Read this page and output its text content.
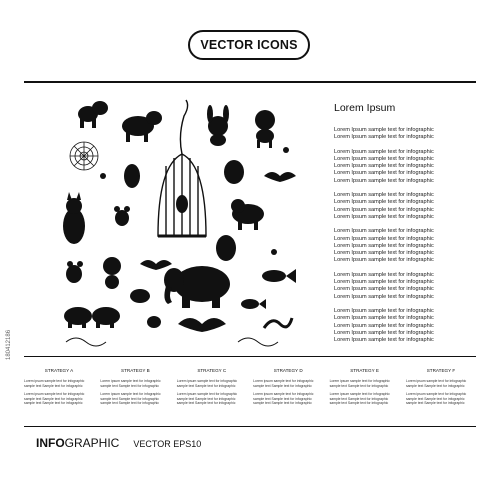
VECTOR ICONS
Lorem Ipsum
Lorem Ipsum sample text for infographic
Lorem Ipsum sample text for infographic
Lorem Ipsum sample text for infographic
Lorem Ipsum sample text for infographic
Lorem Ipsum sample text for infographic
Lorem Ipsum sample text for infographic
Lorem Ipsum sample text for infographic
Lorem Ipsum sample text for infographic
Lorem Ipsum sample text for infographic
Lorem Ipsum sample text for infographic
Lorem Ipsum sample text for infographic
Lorem Ipsum sample text for infographic
Lorem Ipsum sample text for infographic
Lorem Ipsum sample text for infographic
Lorem Ipsum sample text for infographic
Lorem Ipsum sample text for infographic
Lorem Ipsum sample text for infographic
Lorem Ipsum sample text for infographic
Lorem Ipsum sample text for infographic
Lorem Ipsum sample text for infographic
Lorem Ipsum sample text for infographic
Lorem Ipsum sample text for infographic
Lorem Ipsum sample text for infographic
Lorem Ipsum sample text for infographic
Lorem Ipsum sample text for infographic
STRATEGY A
Lorem ipsum sample text for infographic
sample text Sample text for infographic
Lorem ipsum sample text for infographic
sample text Sample text for infographic
sample text Sample text for infographic
STRATEGY B
Lorem ipsum sample text for infographic
sample text Sample text for infographic
Lorem ipsum sample text for infographic
sample text Sample text for infographic
sample text Sample text for infographic
STRATEGY C
Lorem ipsum sample text for infographic
sample text Sample text for infographic
Lorem ipsum sample text for infographic
sample text Sample text for infographic
sample text Sample text for infographic
STRATEGY D
Lorem ipsum sample text for infographic
sample text Sample text for infographic
Lorem ipsum sample text for infographic
sample text Sample text for infographic
sample text Sample text for infographic
STRATEGY E
Lorem ipsum sample text for infographic
sample text Sample text for infographic
Lorem ipsum sample text for infographic
sample text Sample text for infographic
sample text Sample text for infographic
STRATEGY F
Lorem ipsum sample text for infographic
sample text Sample text for infographic
Lorem ipsum sample text for infographic
sample text Sample text for infographic
sample text Sample text for infographic
INFO GRAPHIC VECTOR EPS10
180412186
